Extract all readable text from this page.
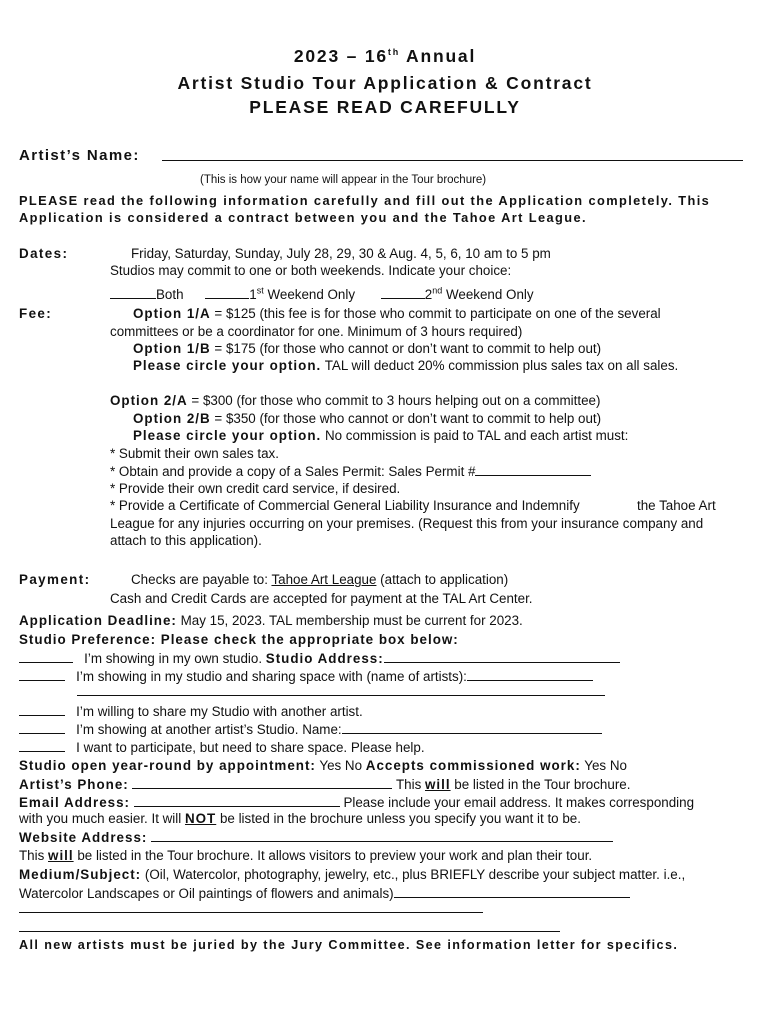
2023 – 16th Annual
Artist Studio Tour Application & Contract
PLEASE READ CAREFULLY
Artist’s Name:
(This is how your name will appear in the Tour brochure)
PLEASE read the following information carefully and fill out the Application completely. This
Application is considered a contract between you and the Tahoe Art League.
Dates:	Friday, Saturday, Sunday, July 28, 29, 30 & Aug. 4, 5, 6, 10 am to 5 pm
Studios may commit to one or both weekends. Indicate your choice:
Both	1st Weekend Only	2nd Weekend Only
Fee:	Option 1/A = $125 (this fee is for those who commit to participate on one of the several
committees or be a coordinator for one. Minimum of 3 hours required)
Option 1/B = $175 (for those who cannot or don’t want to commit to help out)
Please circle your option. TAL will deduct 20% commission plus sales tax on all sales.
Option 2/A = $300 (for those who commit to 3 hours helping out on a committee)
Option 2/B = $350 (for those who cannot or don’t want to commit to help out)
Please circle your option. No commission is paid to TAL and each artist must:
* Submit their own sales tax.
* Obtain and provide a copy of a Sales Permit: Sales Permit #
* Provide their own credit card service, if desired.
* Provide a Certificate of Commercial General Liability Insurance and Indemnify	the Tahoe Art
League for any injuries occurring on your premises. (Request this from your insurance company and
attach to this application).
Payment:	Checks are payable to: Tahoe Art League (attach to application)
Cash and Credit Cards are accepted for payment at the TAL Art Center.
Application Deadline: May 15, 2023. TAL membership must be current for 2023.
Studio Preference: Please check the appropriate box below:
I’m showing in my own studio. Studio Address:
I’m showing in my studio and sharing space with (name of artists):
I’m willing to share my Studio with another artist.
I’m showing at another artist’s Studio. Name:
I want to participate, but need to share space. Please help.
Studio open year-round by appointment: Yes No Accepts commissioned work: Yes No
Artist’s Phone:	This will be listed in the Tour brochure.
Email Address:	Please include your email address. It makes corresponding
with you much easier. It will NOT be listed in the brochure unless you specify you want it to be.
Website Address:
This will be listed in the Tour brochure. It allows visitors to preview your work and plan their tour.
Medium/Subject: (Oil, Watercolor, photography, jewelry, etc., plus BRIEFLY describe your subject matter. i.e.,
Watercolor Landscapes or Oil paintings of flowers and animals)
All new artists must be juried by the Jury Committee. See information letter for specifics.
